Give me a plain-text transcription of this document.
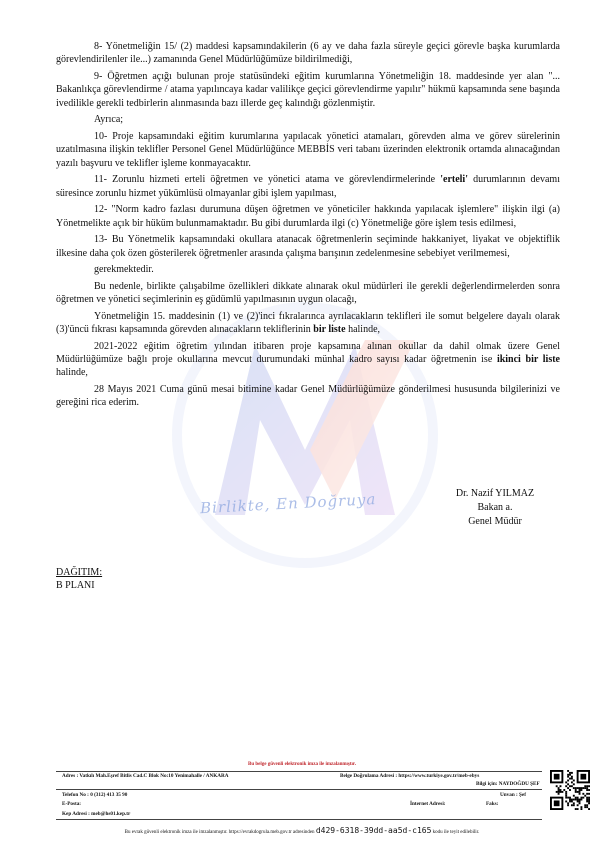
Birlikte, En Doğruya

8- Yönetmeliğin 15/ (2) maddesi kapsamındakilerin (6 ay ve daha fazla süreyle geçici görevle başka kurumlarda görevlendirilenler ile...) zamanında Genel Müdürlüğümüze bildirilmediği,

9- Öğretmen açığı bulunan proje statüsündeki eğitim kurumlarına Yönetmeliğin 18. maddesinde yer alan "... Bakanlıkça görevlendirme / atama yapılıncaya kadar valilikçe geçici görevlendirme yapılır" hükmü kapsamında sene başında ivedilikle gerekli tedbirlerin alınmasında bazı illerde geç kalındığı gözlenmiştir.

Ayrıca;

10- Proje kapsamındaki eğitim kurumlarına yapılacak yönetici atamaları, görevden alma ve görev sürelerinin uzatılmasına ilişkin teklifler Personel Genel Müdürlüğünce MEBBİS veri tabanı üzerinden elektronik ortamda alınacağından yazılı başvuru ve teklifler işleme konmayacaktır.

11- Zorunlu hizmeti erteli öğretmen ve yönetici atama ve görevlendirmelerinde 'erteli' durumlarının devamı süresince zorunlu hizmet yükümlüsü olmayanlar gibi işlem yapılması,

12- "Norm kadro fazlası durumuna düşen öğretmen ve yöneticiler hakkında yapılacak işlemlere" ilişkin ilgi (a) Yönetmelikte açık bir hüküm bulunmamaktadır. Bu gibi durumlarda ilgi (c) Yönetmeliğe göre işlem tesis edilmesi,

13- Bu Yönetmelik kapsamındaki okullara atanacak öğretmenlerin seçiminde hakkaniyet, liyakat ve objektiflik ilkesine daha çok özen gösterilerek öğretmenler arasında çalışma barışının zedelenmesine sebebiyet verilmemesi,

gerekmektedir.

Bu nedenle, birlikte çalışabilme özellikleri dikkate alınarak okul müdürleri ile gerekli değerlendirmelerden sonra öğretmen ve yönetici seçimlerinin eş güdümlü yapılmasının uygun olacağı,

Yönetmeliğin 15. maddesinin (1) ve (2)'inci fıkralarınca ayrılacakların teklifleri ile somut belgelere dayalı olarak (3)'üncü fıkrası kapsamında görevden alınacakların tekliflerinin bir liste halinde,

2021-2022 eğitim öğretim yılından itibaren proje kapsamına alınan okullar da dahil olmak üzere Genel Müdürlüğümüze bağlı proje okullarına mevcut durumundaki münhal kadro sayısı kadar öğretmenin ise ikinci bir liste halinde,

28 Mayıs 2021 Cuma günü mesai bitimine kadar Genel Müdürlüğümüze gönderilmesi hususunda bilgilerinizi ve gereğini rica ederim.

Dr. Nazif YILMAZ
Bakan a.
Genel Müdür
DAĞITIM:
B PLANI
Bu belge güvenli elektronik imza ile imzalanmıştır.
Adres : Vatkılı Mah.Eşref Bitlis Cad.C Blok No:10 Yenimahalle / ANKARA	Belge Doğrulama Adresi : https://www.turkiye.gov.tr/meb-ebys
Bilgi için: NAYDOĞDU ŞEF
Telefon No : 0 (312) 413 35 90	Unvan : Şef
E-Posta:	İnternet Adresi:	Faks:
Kep Adresi : meb@hs01.kep.tr
Bu evrak güvenli elektronik imza ile imzalanmıştır. https://evrakdogrula.meb.gov.tr adresinden d429-6318-39dd-aa5d-c165 kodu ile teyit edilebilir.
